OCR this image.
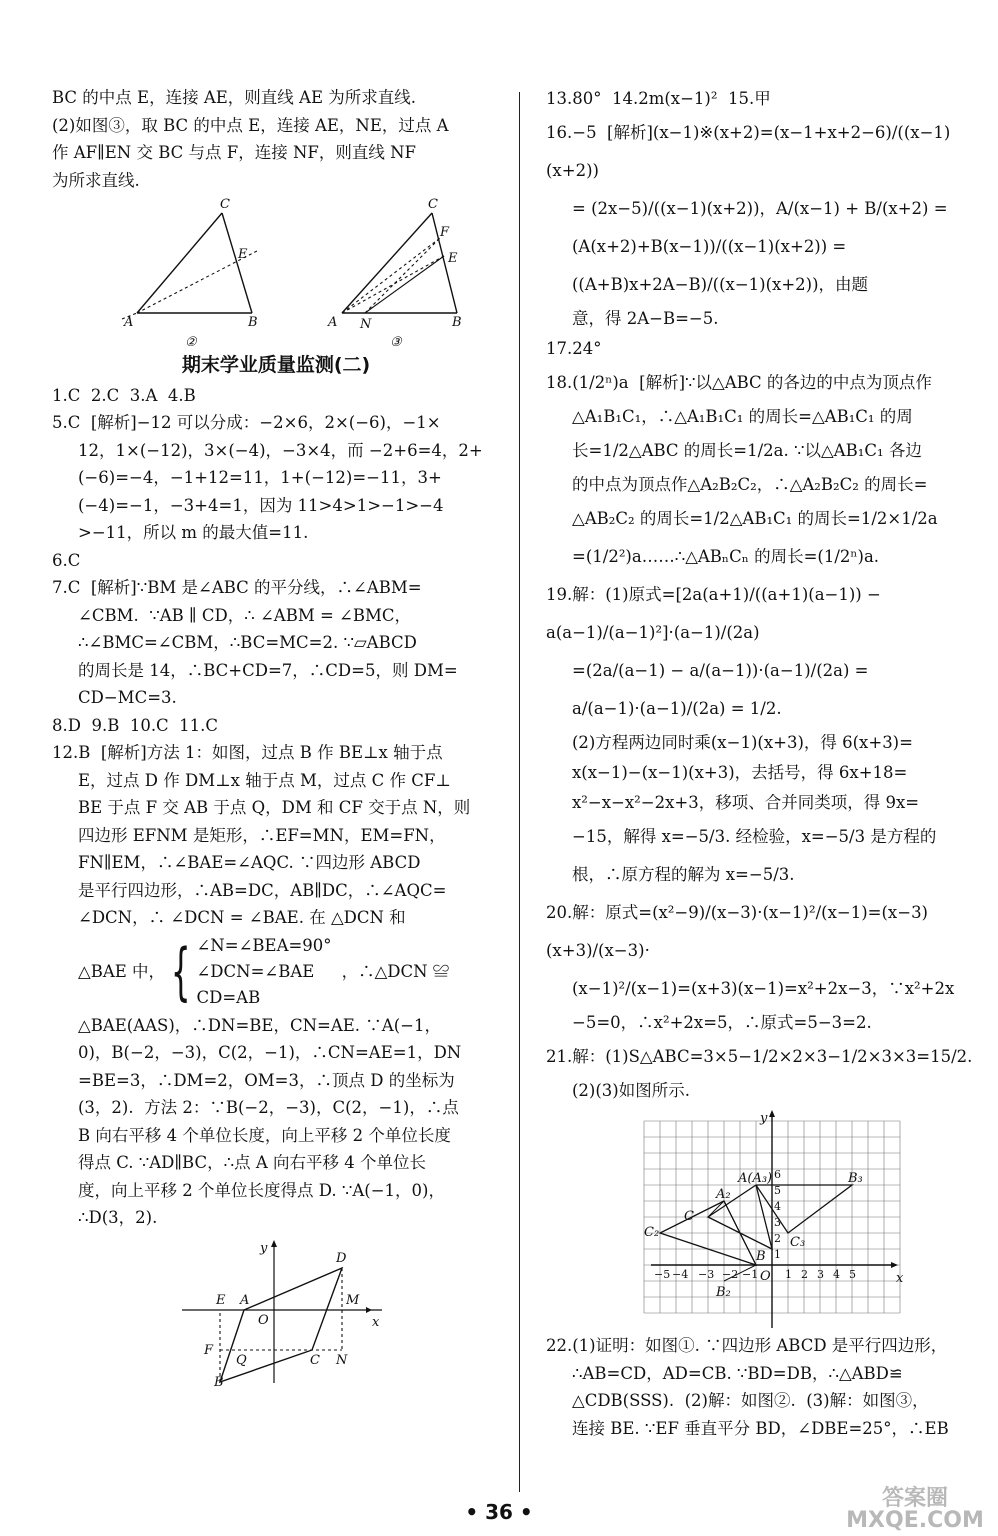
BC 的中点 E，连接 AE，则直线 AE 为所求直线.

(2)如图③，取 BC 的中点 E，连接 AE，NE，过点 A

作 AF∥EN 交 BC 与点 F，连接 NF，则直线 NF

为所求直线.

A	B
C
E
②
A	B
C
F
E
N
③
期末学业质量监测(二)

1.C  2.C  3.A  4.B

5.C  [解析]−12 可以分成：−2×6，2×(−6)，−1×

12，1×(−12)，3×(−4)，−3×4，而 −2+6=4，2+

(−6)=−4，−1+12=11，1+(−12)=−11，3+

(−4)=−1，−3+4=1，因为 11>4>1>−1>−4

>−11，所以 m 的最大值=11.

6.C

7.C  [解析]∵BM 是∠ABC 的平分线，∴∠ABM=

∠CBM.  ∵AB ∥ CD，∴ ∠ABM = ∠BMC，

∴∠BMC=∠CBM，∴BC=MC=2. ∵▱ABCD

的周长是 14，∴BC+CD=7，∴CD=5，则 DM=

CD−MC=3.

8.D  9.B  10.C  11.C

12.B  [解析]方法 1：如图，过点 B 作 BE⊥x 轴于点

E，过点 D 作 DM⊥x 轴于点 M，过点 C 作 CF⊥

BE 于点 F 交 AB 于点 Q，DM 和 CF 交于点 N，则

四边形 EFNM 是矩形，∴EF=MN，EM=FN，

FN∥EM，∴∠BAE=∠AQC. ∵四边形 ABCD

是平行四边形，∴AB=DC，AB∥DC，∴∠AQC=

∠DCN，∴ ∠DCN = ∠BAE. 在 △DCN 和

△BAE 中， { ∠N=∠BEA=90°
∠DCN=∠BAE
CD=AB
，∴△DCN ≌

△BAE(AAS)，∴DN=BE，CN=AE. ∵A(−1，

0)，B(−2，−3)，C(2，−1)，∴CN=AE=1，DN

=BE=3，∴DM=2，OM=3，∴顶点 D 的坐标为

(3，2).  方法 2：∵B(−2，−3)，C(2，−1)，∴点

B 向右平移 4 个单位长度，向上平移 2 个单位长度

得点 C. ∵AD∥BC，∴点 A 向右平移 4 个单位长

度，向上平移 2 个单位长度得点 D. ∵A(−1，0)，

∴D(3，2).

y
x
D
E A
O
M
F
Q	C N
B

13.80°  14.2m(x−1)²  15.甲

16.−5  [解析](x−1)※(x+2)=(x−1+x+2−6)/((x−1)(x+2))

= (2x−5)/((x−1)(x+2))，A/(x−1) + B/(x+2) =

(A(x+2)+B(x−1))/((x−1)(x+2)) = ((A+B)x+2A−B)/((x−1)(x+2))，由题

意，得 2A−B=−5.

17.24°

18.(1/2ⁿ)a  [解析]∵以△ABC 的各边的中点为顶点作

△A₁B₁C₁，∴△A₁B₁C₁ 的周长=△AB₁C₁ 的周

长=1/2△ABC 的周长=1/2a. ∵以△AB₁C₁ 各边

的中点为顶点作△A₂B₂C₂，∴△A₂B₂C₂ 的周长=

△AB₂C₂ 的周长=1/2△AB₁C₁ 的周长=1/2×1/2a

=(1/2²)a……∴△ABₙCₙ 的周长=(1/2ⁿ)a.

19.解：(1)原式=[2a(a+1)/((a+1)(a−1)) − a(a−1)/(a−1)²]·(a−1)/(2a)

=(2a/(a−1) − a/(a−1))·(a−1)/(2a) = a/(a−1)·(a−1)/(2a) = 1/2.

(2)方程两边同时乘(x−1)(x+3)，得 6(x+3)=

x(x−1)−(x−1)(x+3)，去括号，得 6x+18=

x²−x−x²−2x+3，移项、合并同类项，得 9x=

−15，解得 x=−5/3. 经检验，x=−5/3 是方程的

根，∴原方程的解为 x=−5/3.

20.解：原式=(x²−9)/(x−3)·(x−1)²/(x−1)=(x−3)(x+3)/(x−3)·

(x−1)²/(x−1)=(x+3)(x−1)=x²+2x−3，∵x²+2x

−5=0，∴x²+2x=5，∴原式=5−3=2.

21.解：(1)S△ABC=3×5−1/2×2×3−1/2×3×3=15/2.

(2)(3)如图所示.

y
x
O
A(A₃)	B₃
A₂
C
C₂
C₃
B
B₂
6
5
4
3
2
1
1 2 3 4 5
−5 −4 −3 −2 −1

22.(1)证明：如图①. ∵四边形 ABCD 是平行四边形，

∴AB=CD，AD=CB. ∵BD=DB，∴△ABD≌

△CDB(SSS).  (2)解：如图②.  (3)解：如图③，

连接 BE. ∵EF 垂直平分 BD，∠DBE=25°，∴EB

• 36 •
答案圈 MXQE.COM
